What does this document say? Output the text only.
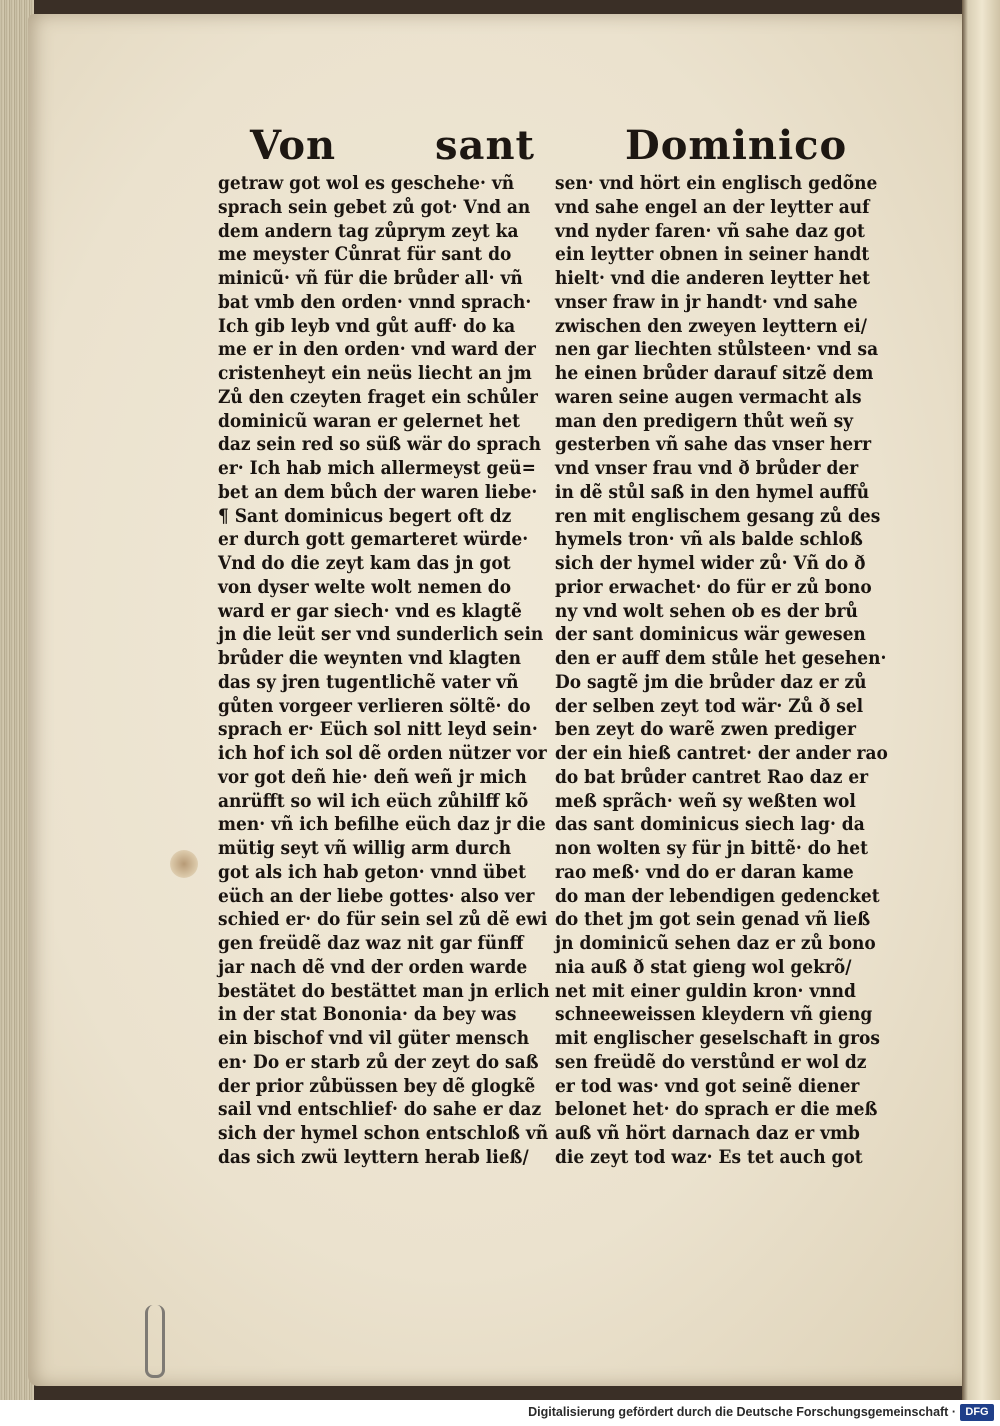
Von sant Dominico
getraw got wol es geschehe· vñ
sprach sein gebet zů got· Vnd an
dem andern tag zůprym zeyt ka
me meyster Cůnrat für sant do
minicũ· vñ für die brůder all· vñ
bat vmb den orden· vnnd sprach·
Ich gib leyb vnd gůt auff· do ka
me er in den orden· vnd ward der
cristenheyt ein neüs liecht an jm
Zů den czeyten fraget ein schůler
dominicũ waran er gelernet het
daz sein red so süß wär do sprach
er· Ich hab mich allermeyst geü=
bet an dem bůch der waren liebe·
¶ Sant dominicus begert oft dz
er durch gott gemarteret würde·
Vnd do die zeyt kam das jn got
von dyser welte wolt nemen do
ward er gar siech· vnd es klagtẽ
jn die leüt ser vnd sunderlich sein
brůder die weynten vnd klagten
das sy jren tugentlichẽ vater vñ
gůten vorgeer verlieren söltẽ· do
sprach er· Eüch sol nitt leyd sein·
ich hof ich sol dẽ orden nützer vor
vor got deñ hie· deñ weñ jr mich
anrüfft so wil ich eüch zůhilff kõ
men· vñ ich befilhe eüch daz jr die
mütig seyt vñ willig arm durch
got als ich hab geton· vnnd übet
eüch an der liebe gottes· also ver
schied er· do für sein sel zů dẽ ewi
gen freüdẽ daz waz nit gar fünff
jar nach dẽ vnd der orden warde
bestätet do bestättet man jn erlich
in der stat Bononia· da bey was
ein bischof vnd vil güter mensch
en· Do er starb zů der zeyt do saß
der prior zůbüssen bey dẽ glogkẽ
sail vnd entschlief· do sahe er daz
sich der hymel schon entschloß vñ
das sich zwü leyttern herab ließ/
sen· vnd hört ein englisch gedõne
vnd sahe engel an der leytter auf
vnd nyder faren· vñ sahe daz got
ein leytter obnen in seiner handt
hielt· vnd die anderen leytter het
vnser fraw in jr handt· vnd sahe
zwischen den zweyen leyttern ei/
nen gar liechten stůlsteen· vnd sa
he einen brůder darauf sitzẽ dem
waren seine augen vermacht als
man den predigern thůt weñ sy
gesterben vñ sahe das vnser herr
vnd vnser frau vnd ð brůder der
in dẽ stůl saß in den hymel auffů
ren mit englischem gesang zů des
hymels tron· vñ als balde schloß
sich der hymel wider zů· Vñ do ð
prior erwachet· do für er zů bono
ny vnd wolt sehen ob es der brů
der sant dominicus wär gewesen
den er auff dem stůle het gesehen·
Do sagtẽ jm die brůder daz er zů
der selben zeyt tod wär· Zů ð sel
ben zeyt do warẽ zwen prediger
der ein hieß cantret· der ander rao
do bat brůder cantret Rao daz er
meß sprãch· weñ sy weßten wol
das sant dominicus siech lag· da
non wolten sy für jn bittẽ· do het
rao meß· vnd do er daran kame
do man der lebendigen gedencket
do thet jm got sein genad vñ ließ
jn dominicũ sehen daz er zů bono
nia auß ð stat gieng wol gekrõ/
net mit einer guldin kron· vnnd
schneeweissen kleydern vñ gieng
mit englischer geselschaft in gros
sen freüdẽ do verstůnd er wol dz
er tod was· vnd got seinẽ diener
belonet het· do sprach er die meß
auß vñ hört darnach daz er vmb
die zeyt tod waz· Es tet auch got
Digitalisierung gefördert durch die Deutsche Forschungsgemeinschaft · DFG
